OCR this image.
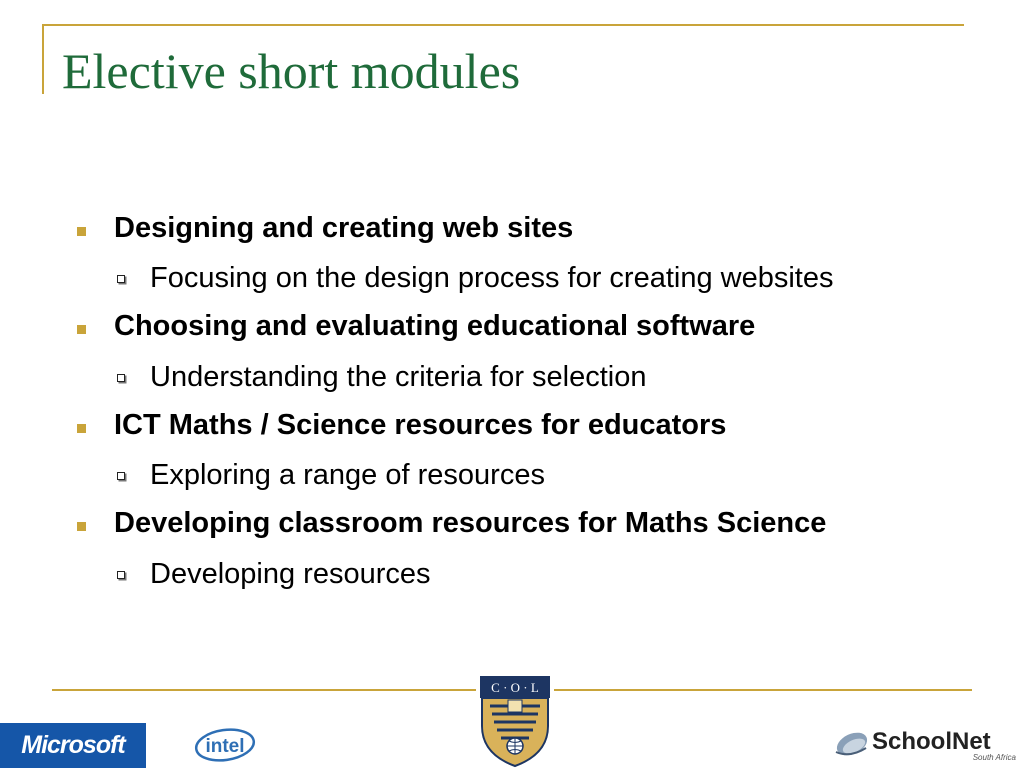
Elective short modules
Designing and creating web sites
Focusing on the design process for creating websites
Choosing and evaluating educational software
Understanding the criteria for selection
ICT Maths / Science resources for educators
Exploring a range of resources
Developing classroom resources for Maths Science
Developing resources
Microsoft	intel
C · O · L
SchoolNet
South Africa
